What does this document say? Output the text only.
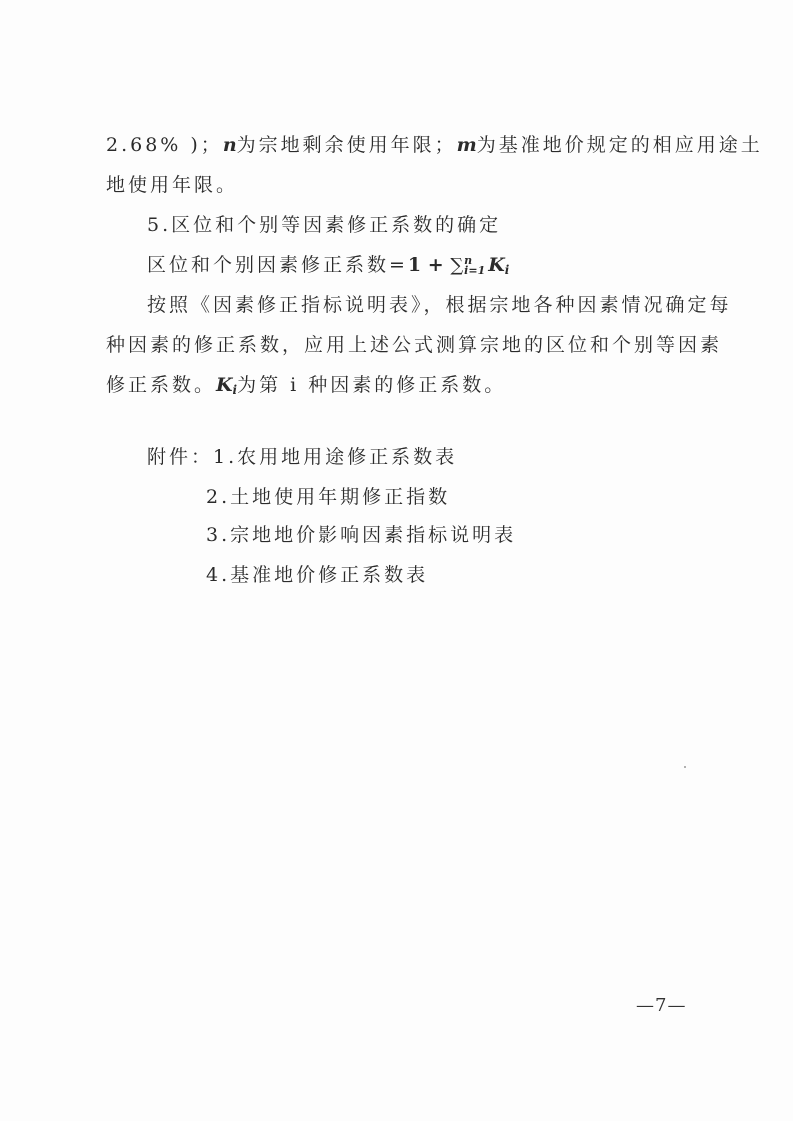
2.68% )；n为宗地剩余使用年限；m为基准地价规定的相应用途土
地使用年限。
5.区位和个别等因素修正系数的确定
区位和个别因素修正系数=1 + ∑ n
i=1 Ki
按照《因素修正指标说明表》，根据宗地各种因素情况确定每
种因素的修正系数，应用上述公式测算宗地的区位和个别等因素
修正系数。Ki为第 i 种因素的修正系数。
附件：1.农用地用途修正系数表
2.土地使用年期修正指数
3.宗地地价影响因素指标说明表
4.基准地价修正系数表
—7—
